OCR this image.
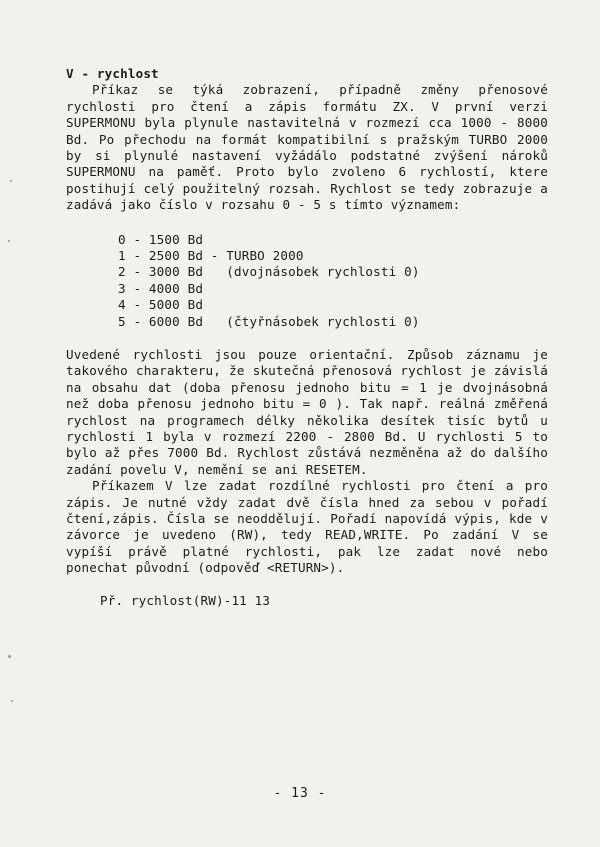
V - rychlost

Příkaz se týká zobrazení, případně změny přenosové rychlosti pro čtení a zápis formátu ZX. V první verzi SUPERMONU byla plynule nastavitelná v rozmezí cca 1000 - 8000 Bd. Po přechodu na formát kompatibilní s pražským TURBO 2000 by si plynulé nastavení vyžádálo podstatné zvýšení nároků SUPERMONU na paměť. Proto bylo zvoleno 6 rychlostí, ktere postihují celý použitelný rozsah. Rychlost se tedy zobrazuje a zadává jako číslo v rozsahu 0 - 5 s tímto významem:

0 - 1500 Bd
1 - 2500 Bd - TURBO 2000
2 - 3000 Bd   (dvojnásobek rychlosti 0)
3 - 4000 Bd
4 - 5000 Bd
5 - 6000 Bd   (čtyřnásobek rychlosti 0)

Uvedené rychlosti jsou pouze orientační. Způsob záznamu je takového charakteru, že skutečná přenosová rychlost je závislá na obsahu dat (doba přenosu jednoho bitu = 1 je dvojnásobná než doba přenosu jednoho bitu = 0 ). Tak např. reálná změřená rychlost na programech délky několika desítek tisíc bytů u rychlosti 1 byla v rozmezí 2200 - 2800 Bd. U rychlosti 5 to bylo až přes 7000 Bd. Rychlost zůstává nezměněna až do dalšího zadání povelu V, nemění se ani RESETEM.

Příkazem V lze zadat rozdílné rychlosti pro čtení a pro zápis. Je nutné vždy zadat dvě čísla hned za sebou v pořadí čtení,zápis. Čísla se neoddělují. Pořadí napovídá výpis, kde v závorce je uvedeno (RW), tedy READ,WRITE. Po zadání V se vypíší právě platné rychlosti, pak lze zadat nové nebo ponechat původní (odpověď <RETURN>).

Př. rychlost(RW)-11 13
- 13 -
